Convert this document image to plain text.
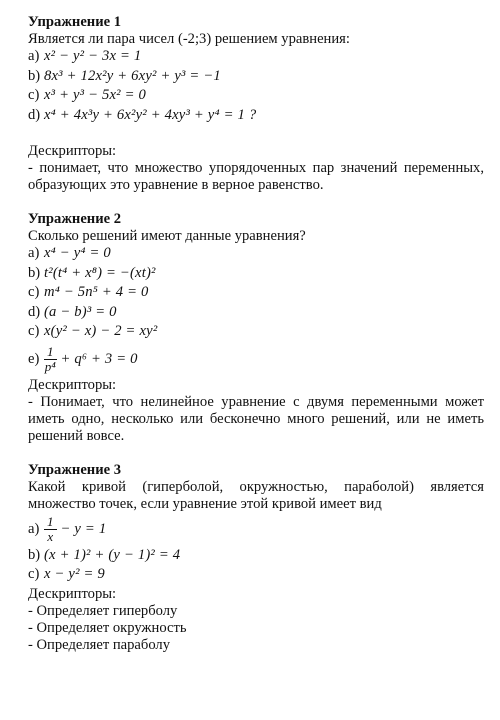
Упражнение 1

Является ли пара чисел (-2;3) решением уравнения:

a) x² − y² − 3x = 1
b) 8x³ + 12x²y + 6xy² + y³ = −1
c) x³ + y³ − 5x² = 0
d) x⁴ + 4x³y + 6x²y² + 4xy³ + y⁴ = 1 ?

Дескрипторы:

- понимает, что множество упорядоченных пар значений переменных, образующих это уравнение в верное равенство.

Упражнение 2

Сколько решений имеют данные уравнения?

a) x⁴ − y⁴ = 0
b) t²(t⁴ + x⁸) = −(xt)²
c) m⁴ − 5n⁵ + 4 = 0
d) (a − b)³ = 0
c) x(y² − x) − 2 = xy²
$e) \frac{1}{\text{p⁴}} + q^6 + 3 = 0$

Дескрипторы:

- Понимает, что нелинейное уравнение с двумя переменными может иметь одно, несколько или бесконечно много решений, или не иметь решений вовсе.

Упражнение 3

Какой кривой (гиперболой, окружностью, параболой) является множество точек, если уравнение этой кривой имеет вид

$a) \frac{1}{x} - y = 1$
b) (x + 1)² + (y − 1)² = 4
c) x − y² = 9

Дескрипторы:

- Определяет гиперболу

- Определяет окружность

- Определяет параболу
